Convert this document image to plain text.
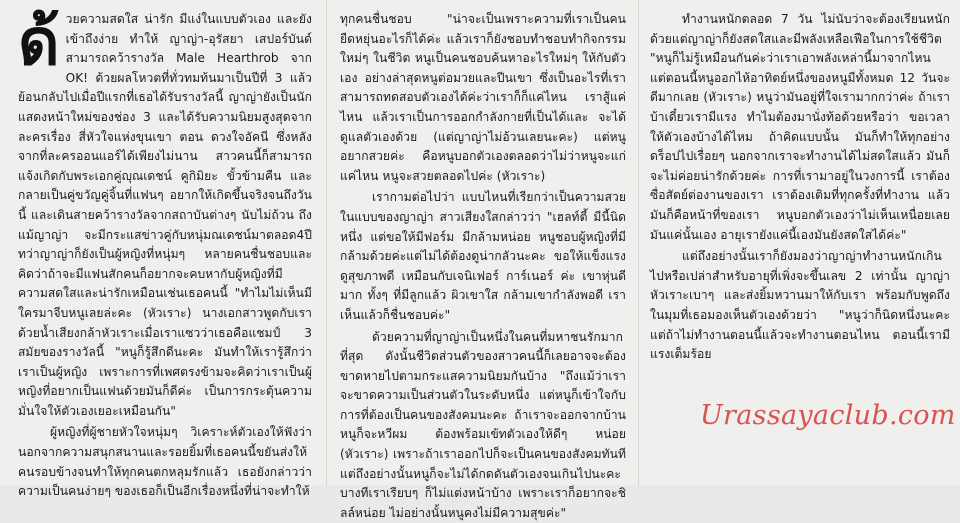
ด้ วยความสดใส น่ารัก มีแง่ในแบบตัวเอง และยังเข้าถึงง่าย ทำให้ ญาญ่า-อุรัสยา เสปอร์บันด์ สามารถคว้ารางวัล Male Hearthrob จาก OK! ด้วยผลโหวตที่ทั่วทมท้นมาเป็นปีที่ 3 แล้ว ย้อนกลับไปเมื่อปีแรกที่เธอได้รับรางวัลนี้ ญาญ่ายังเป็นนักแสดงหน้าใหม่ของช่อง 3 และได้รับความนิยมสูงสุดจากละครเรื่อง สี่หัวใจแห่งขุนเขา ตอน ดวงใจอัคนี ซึ่งหลังจากที่ละครออนแอร์ได้เพียงไม่นาน สาวคนนี้ก็สามารถแจ้งเกิดกับพระเอกคู่ญุณเดชน์ คูกิมิยะ ขั้วข้ามคืน และกลายเป็นคู่ขวัญคู่จิ้นที่แฟนๆ อยากให้เกิดขึ้นจริงจนถึงวันนี้ และเดินสายคว้ารางวัลจากสถาบันต่างๆ นับไม่ถ้วน ถึงแม้ญาญ่า จะมีกระแสข่าวคู่กับหนุ่มณเดชน์มาตลอด4ปี ทว่าญาญ่าก็ยังเป็นผู้หญิงที่หนุ่มๆ หลายคนชื่นชอบและคิดว่าถ้าจะมีแฟนสักคนก็อยากจะคบหากับผู้หญิงที่มีความสดใสและน่ารักเหมือนเช่นเธอคนนี้ "ทำไมไม่เห็นมีใครมาจีบหนูเลยล่ะคะ (หัวเราะ) นางเอกสาวพูดกับเราด้วยน้ำเสียงกล้าหัวเราะเมื่อเราแซวว่าเธอคือแชมป์ 3 สมัยของรางวัลนี้ "หนูก็รู้สึกดีนะคะ มันทำให้เรารู้สึกว่า เราเป็นผู้หญิง เพราะการที่เพศตรงข้ามจะคิดว่าเราเป็นผู้หญิงที่อยากเป็นแฟนด้วยมันก็ดีค่ะ เป็นการกระตุ้นความมั่นใจให้ตัวเองเยอะเหมือนกัน"

ผู้หญิงที่ผู้ชายหัวใจหนุ่มๆ วิเคราะห์ตัวเองให้ฟังว่า นอกจากความสนุกสนานและรอยยิ้มที่เธอคนนี้ขยันส่งให้คนรอบข้างจนทำให้ทุกคนตกหลุมรักแล้ว เธอยังกล่าวว่า ความเป็นคนง่ายๆ ของเธอก็เป็นอีกเรื่องหนึ่งที่น่าจะทำให้

ทุกคนชื่นชอบ "น่าจะเป็นเพราะความที่เราเป็นคนยืดหยุ่นอะไรก็ได้ค่ะ แล้วเราก็ยังชอบทำชอบทำกิจกรรมใหม่ๆ ในชีวิต หนูเป็นคนชอบค้นหาอะไรใหม่ๆ ให้กับตัวเอง อย่างล่าสุดหนูต่อมวยและปีนเขา ซึ่งเป็นอะไรที่เราสามารถทดสอบตัวเองได้ค่ะว่าเราก็ก็แค่ไหน เราสู้แค่ไหน แล้วเราเป็นการออกกำลังกายที่เป็นได้และ จะได้ดูแลตัวเองด้วย (แต่ญาญ่าไม่อ้วนเลยนะคะ) แต่หนูอยากสวยค่ะ คือหนูบอกตัวเองตลอดว่าไม่ว่าหนูจะแก่แค่ไหน หนูจะสวยตลอดไปค่ะ (หัวเราะ)

เรากามต่อไปว่า แบบไหนที่เรียกว่าเป็นความสวยในแบบของญาญ่า สาวเสียงใสกล่าวว่า "เฮลท์ตี้ มีนี้นิดหนึ่ง แต่ขอให้มีฟอร์ม มีกล้ามหน่อย หนูชอบผู้หญิงที่มีกล้ามด้วยค่ะแต่ไม่ได้ต้องดูน่ากลัวนะคะ ขอให้แข็งแรง ดูสุขภาพดี เหมือนกับเจนิเฟอร์ การ์เนอร์ ค่ะ เขาหุ่นดีมาก ทั้งๆ ที่มีลูกแล้ว ผิวเขาใส กล้ามเขากำลังพอดี เราเห็นแล้วก็ชื่นชอบค่ะ"

ด้วยความที่ญาญ่าเป็นหนึ่งในคนที่มหาชนรักมากที่สุด ดังนั้นชีวิตส่วนตัวของสาวคนนี้ก็เลยอาจจะต้องขาดหายไปตามกระแสความนิยมกันบ้าง "ถึงแม้ว่าเราจะขาดความเป็นส่วนตัวในระดับหนึ่ง แต่หนูก็เข้าใจกับการที่ต้องเป็นคนของสังคมนะคะ ถ้าเราจะออกจากบ้าน หนูก็จะหวีผม ต้องพร้อมเข้ทตัวเองให้ดีๆ หน่อย (หัวเราะ) เพราะถ้าเราออกไปก็จะเป็นคนของสังคมทันที แต่ถึงอย่างนั้นหนูก็จะไม่ได้กดดันตัวเองจนเกินไปนะคะ บางทีเราเรียบๆ ก็ไม่แต่งหน้าบ้าง เพราะเราก็อยากจะชิลล์หน่อย ไม่อย่างนั้นหนูคงไม่มีความสุขค่ะ"

ทำงานหนักตลอด 7 วัน ไม่นับว่าจะต้องเรียนหนักด้วยแต่ญาญ่าก็ยังสดใสและมีพลังเหลือเฟือในการใช้ชีวิต "หนูก็ไม่รู้เหมือนกันค่ะว่าเราเอาพลังเหล่านี้มาจากไหน แต่ตอนนี้หนูออกไห้อาทิตย์หนึ่งของหนูมีทั้งหมด 12 วันจะดีมากเลย (หัวเราะ) หนูว่ามันอยู่ที่ใจเรามากกว่าค่ะ ถ้าเราบ้าเดี๋ยวเรามีแรง ทำไมต้องมานั่งท้อด้วยหรือว่า ขอเวลาให้ตัวเองบ้างได้ไหม ถ้าคิดแบบนั้น มันก็ทำให้ทุกอย่างดร็อปไปเรื่อยๆ นอกจากเราจะทำงานได้ไม่สดใสแล้ว มันก็จะไม่ค่อยน่ารักด้วยค่ะ การที่เรามาอยู่ในวงการนี้ เราต้องซื่อสัตย์ต่องานของเรา เราต้องเติมที่ทุกครั้งที่ทำงาน แล้วมันก็คือหน้าที่ของเรา หนูบอกตัวเองว่าไม่เห็นเหนื่อยเลย มันแค่นั้นเอง อายุเรายังแค่นี้เองมันยังสดใสได้ค่ะ"

แต่ถึงอย่างนั้นเราก็ยังมองว่าญาญ่าทำงานหนักเกินไปหรือเปล่าสำหรับอายุที่เพิ่งจะขึ้นเลข 2 เท่านั้น ญาญ่าหัวเราะเบาๆ และส่งยิ้มหวานมาให้กับเรา พร้อมกับพูดถึงในมุมที่เธอมองเห็นตัวเองด้วยว่า "หนูว่าก็นิดหนึ่งนะคะ แต่ถ้าไม่ทำงานตอนนี้แล้วจะทำงานตอนไหน ตอนนี้เรามีแรงเต็มร้อย

Urassayaclub.com
